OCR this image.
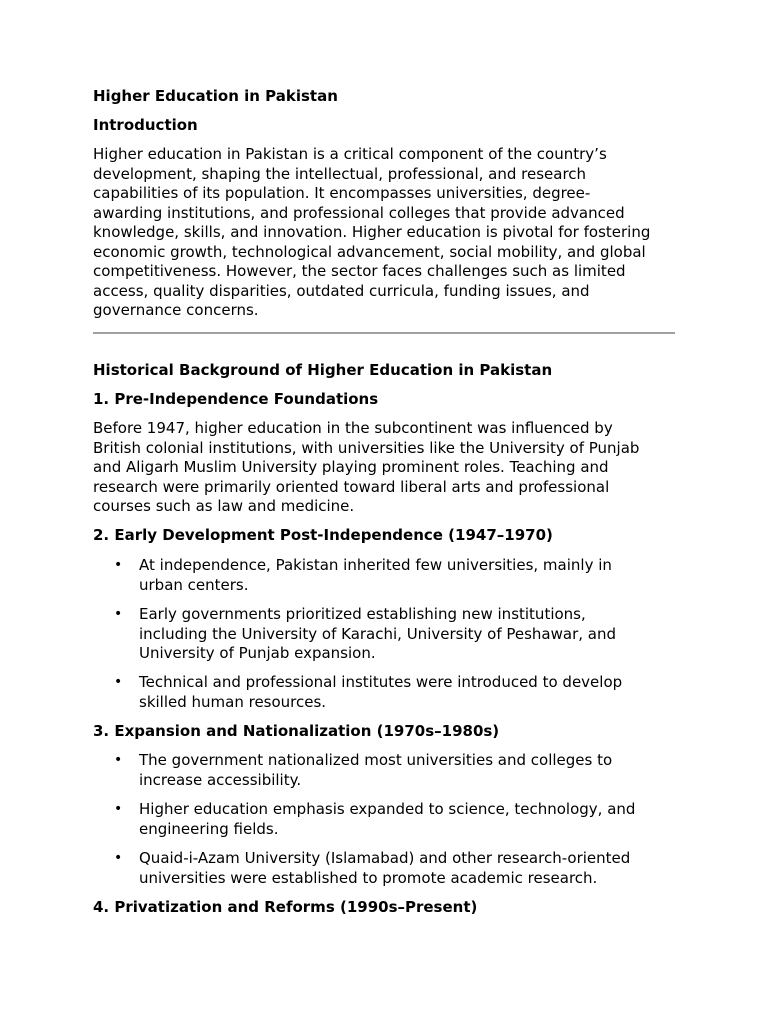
Higher Education in Pakistan
Introduction
Higher education in Pakistan is a critical component of the country’s
development, shaping the intellectual, professional, and research
capabilities of its population. It encompasses universities, degree-
awarding institutions, and professional colleges that provide advanced
knowledge, skills, and innovation. Higher education is pivotal for fostering
economic growth, technological advancement, social mobility, and global
competitiveness. However, the sector faces challenges such as limited
access, quality disparities, outdated curricula, funding issues, and
governance concerns.
Historical Background of Higher Education in Pakistan
1. Pre-Independence Foundations
Before 1947, higher education in the subcontinent was influenced by
British colonial institutions, with universities like the University of Punjab
and Aligarh Muslim University playing prominent roles. Teaching and
research were primarily oriented toward liberal arts and professional
courses such as law and medicine.
2. Early Development Post-Independence (1947–1970)
• At independence, Pakistan inherited few universities, mainly in
urban centers.
• Early governments prioritized establishing new institutions,
including the University of Karachi, University of Peshawar, and
University of Punjab expansion.
• Technical and professional institutes were introduced to develop
skilled human resources.
3. Expansion and Nationalization (1970s–1980s)
• The government nationalized most universities and colleges to
increase accessibility.
• Higher education emphasis expanded to science, technology, and
engineering fields.
• Quaid-i-Azam University (Islamabad) and other research-oriented
universities were established to promote academic research.
4. Privatization and Reforms (1990s–Present)
